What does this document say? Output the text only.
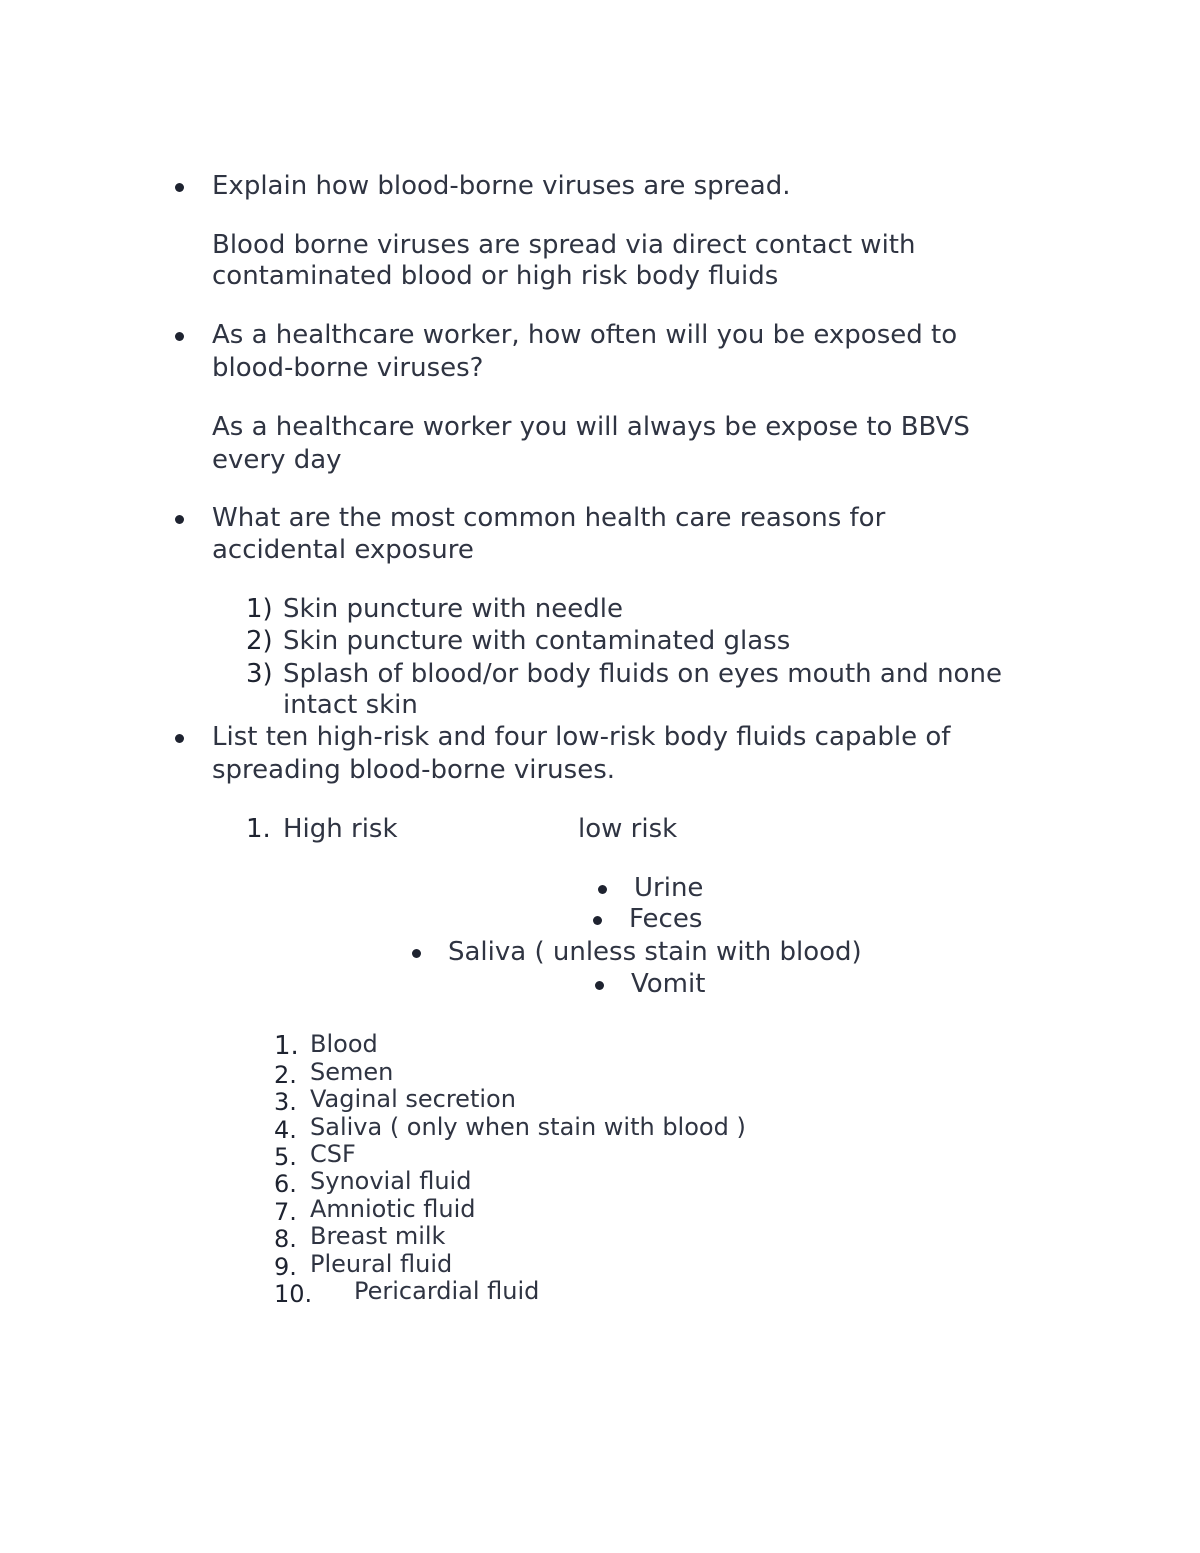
Explain how blood-borne viruses are spread.
Blood borne viruses are spread via direct contact with
contaminated blood or high risk body fluids
As a healthcare worker, how often will you be exposed to
blood-borne viruses?
As a healthcare worker you will always be expose to BBVS
every day
What are the most common health care reasons for
accidental exposure
1) Skin puncture with needle
2) Skin puncture with contaminated glass
3) Splash of blood/or body fluids on eyes mouth and none
intact skin
List ten high-risk and four low-risk body fluids capable of
spreading blood-borne viruses.
1. High risk	low risk
Urine
Feces
Saliva ( unless stain with blood)
Vomit
1. Blood
2. Semen
3. Vaginal secretion
4. Saliva ( only when stain with blood )
5. CSF
6. Synovial fluid
7. Amniotic fluid
8. Breast milk
9. Pleural fluid
10. Pericardial fluid
